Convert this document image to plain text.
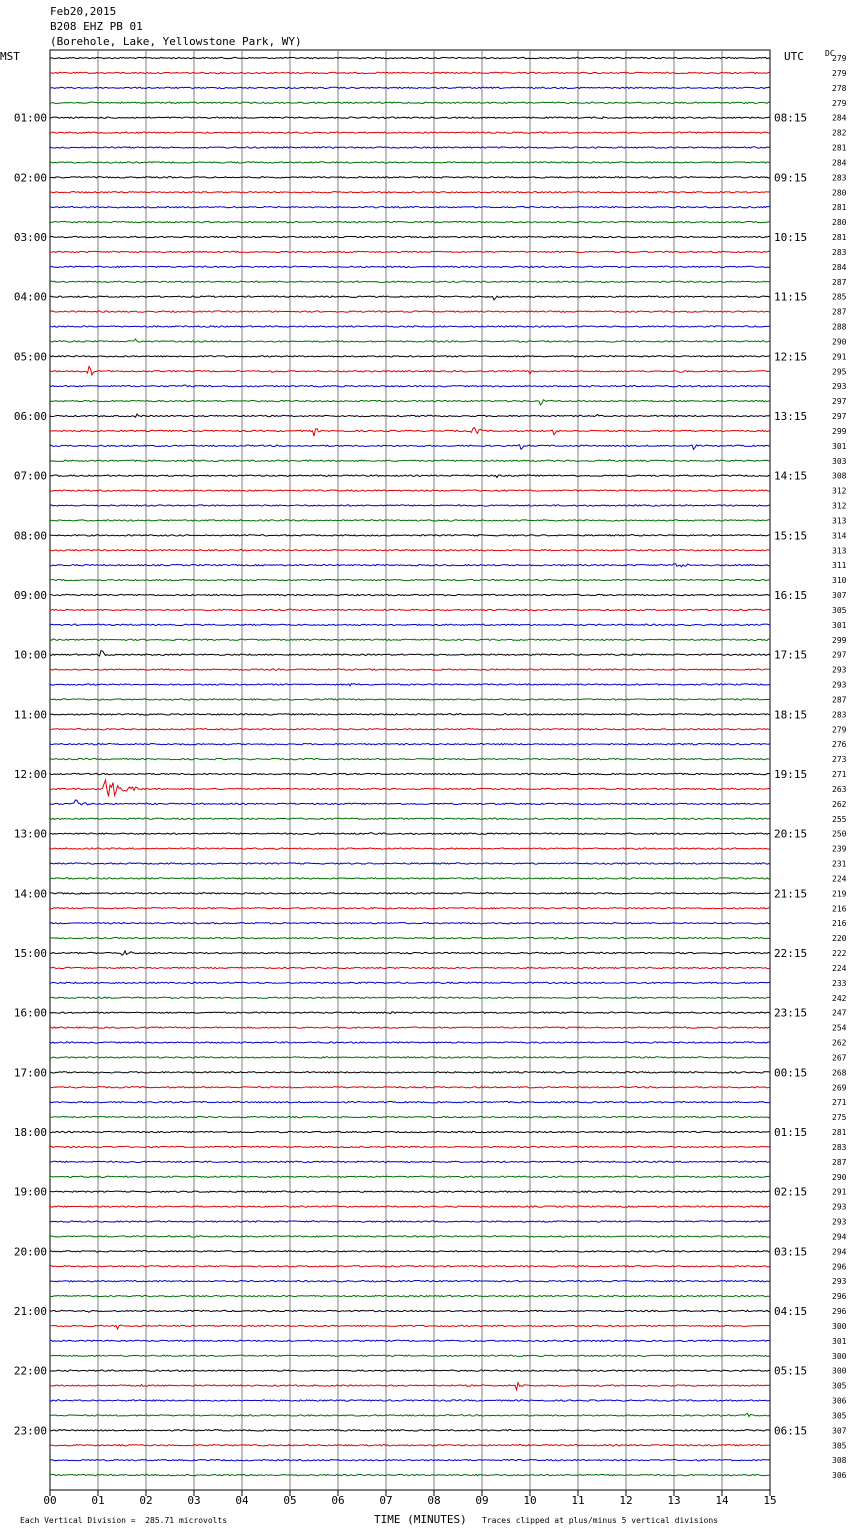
Feb20,2015
B208 EHZ PB 01
(Borehole, Lake, Yellowstone Park, WY)
MST	UTC	DC
Each Vertical Division =  285.71 microvolts	TIME (MINUTES) Traces clipped at plus/minus 5 vertical divisions
00	01	02	03	04	05	06	07	08	09	10	11	12	13	14	15
279
279
278
279
284
01:00	08:15
282
281
284
283
02:00	09:15
280
281
280
281
03:00	10:15
283
284
287
285
04:00	11:15
287
288
290
291
05:00	12:15
295
293
297
297
06:00	13:15
299
301
303
308
07:00	14:15
312
312
313
314
08:00	15:15
313
311
310
307
09:00	16:15
305
301
299
297
10:00	17:15
293
293
287
283
11:00	18:15
279
276
273
271
12:00	19:15
263
262
255
250
13:00	20:15
239
231
224
219
14:00	21:15
216
216
220
222
15:00	22:15
224
233
242
247
16:00	23:15
254
262
267
268
17:00	00:15
269
271
275
281
18:00	01:15
283
287
290
291
19:00	02:15
293
293
294
294
20:00	03:15
296
293
296
296
21:00	04:15
300
301
300
300
22:00	05:15
305
306
305
307
23:00	06:15
305
308
306
